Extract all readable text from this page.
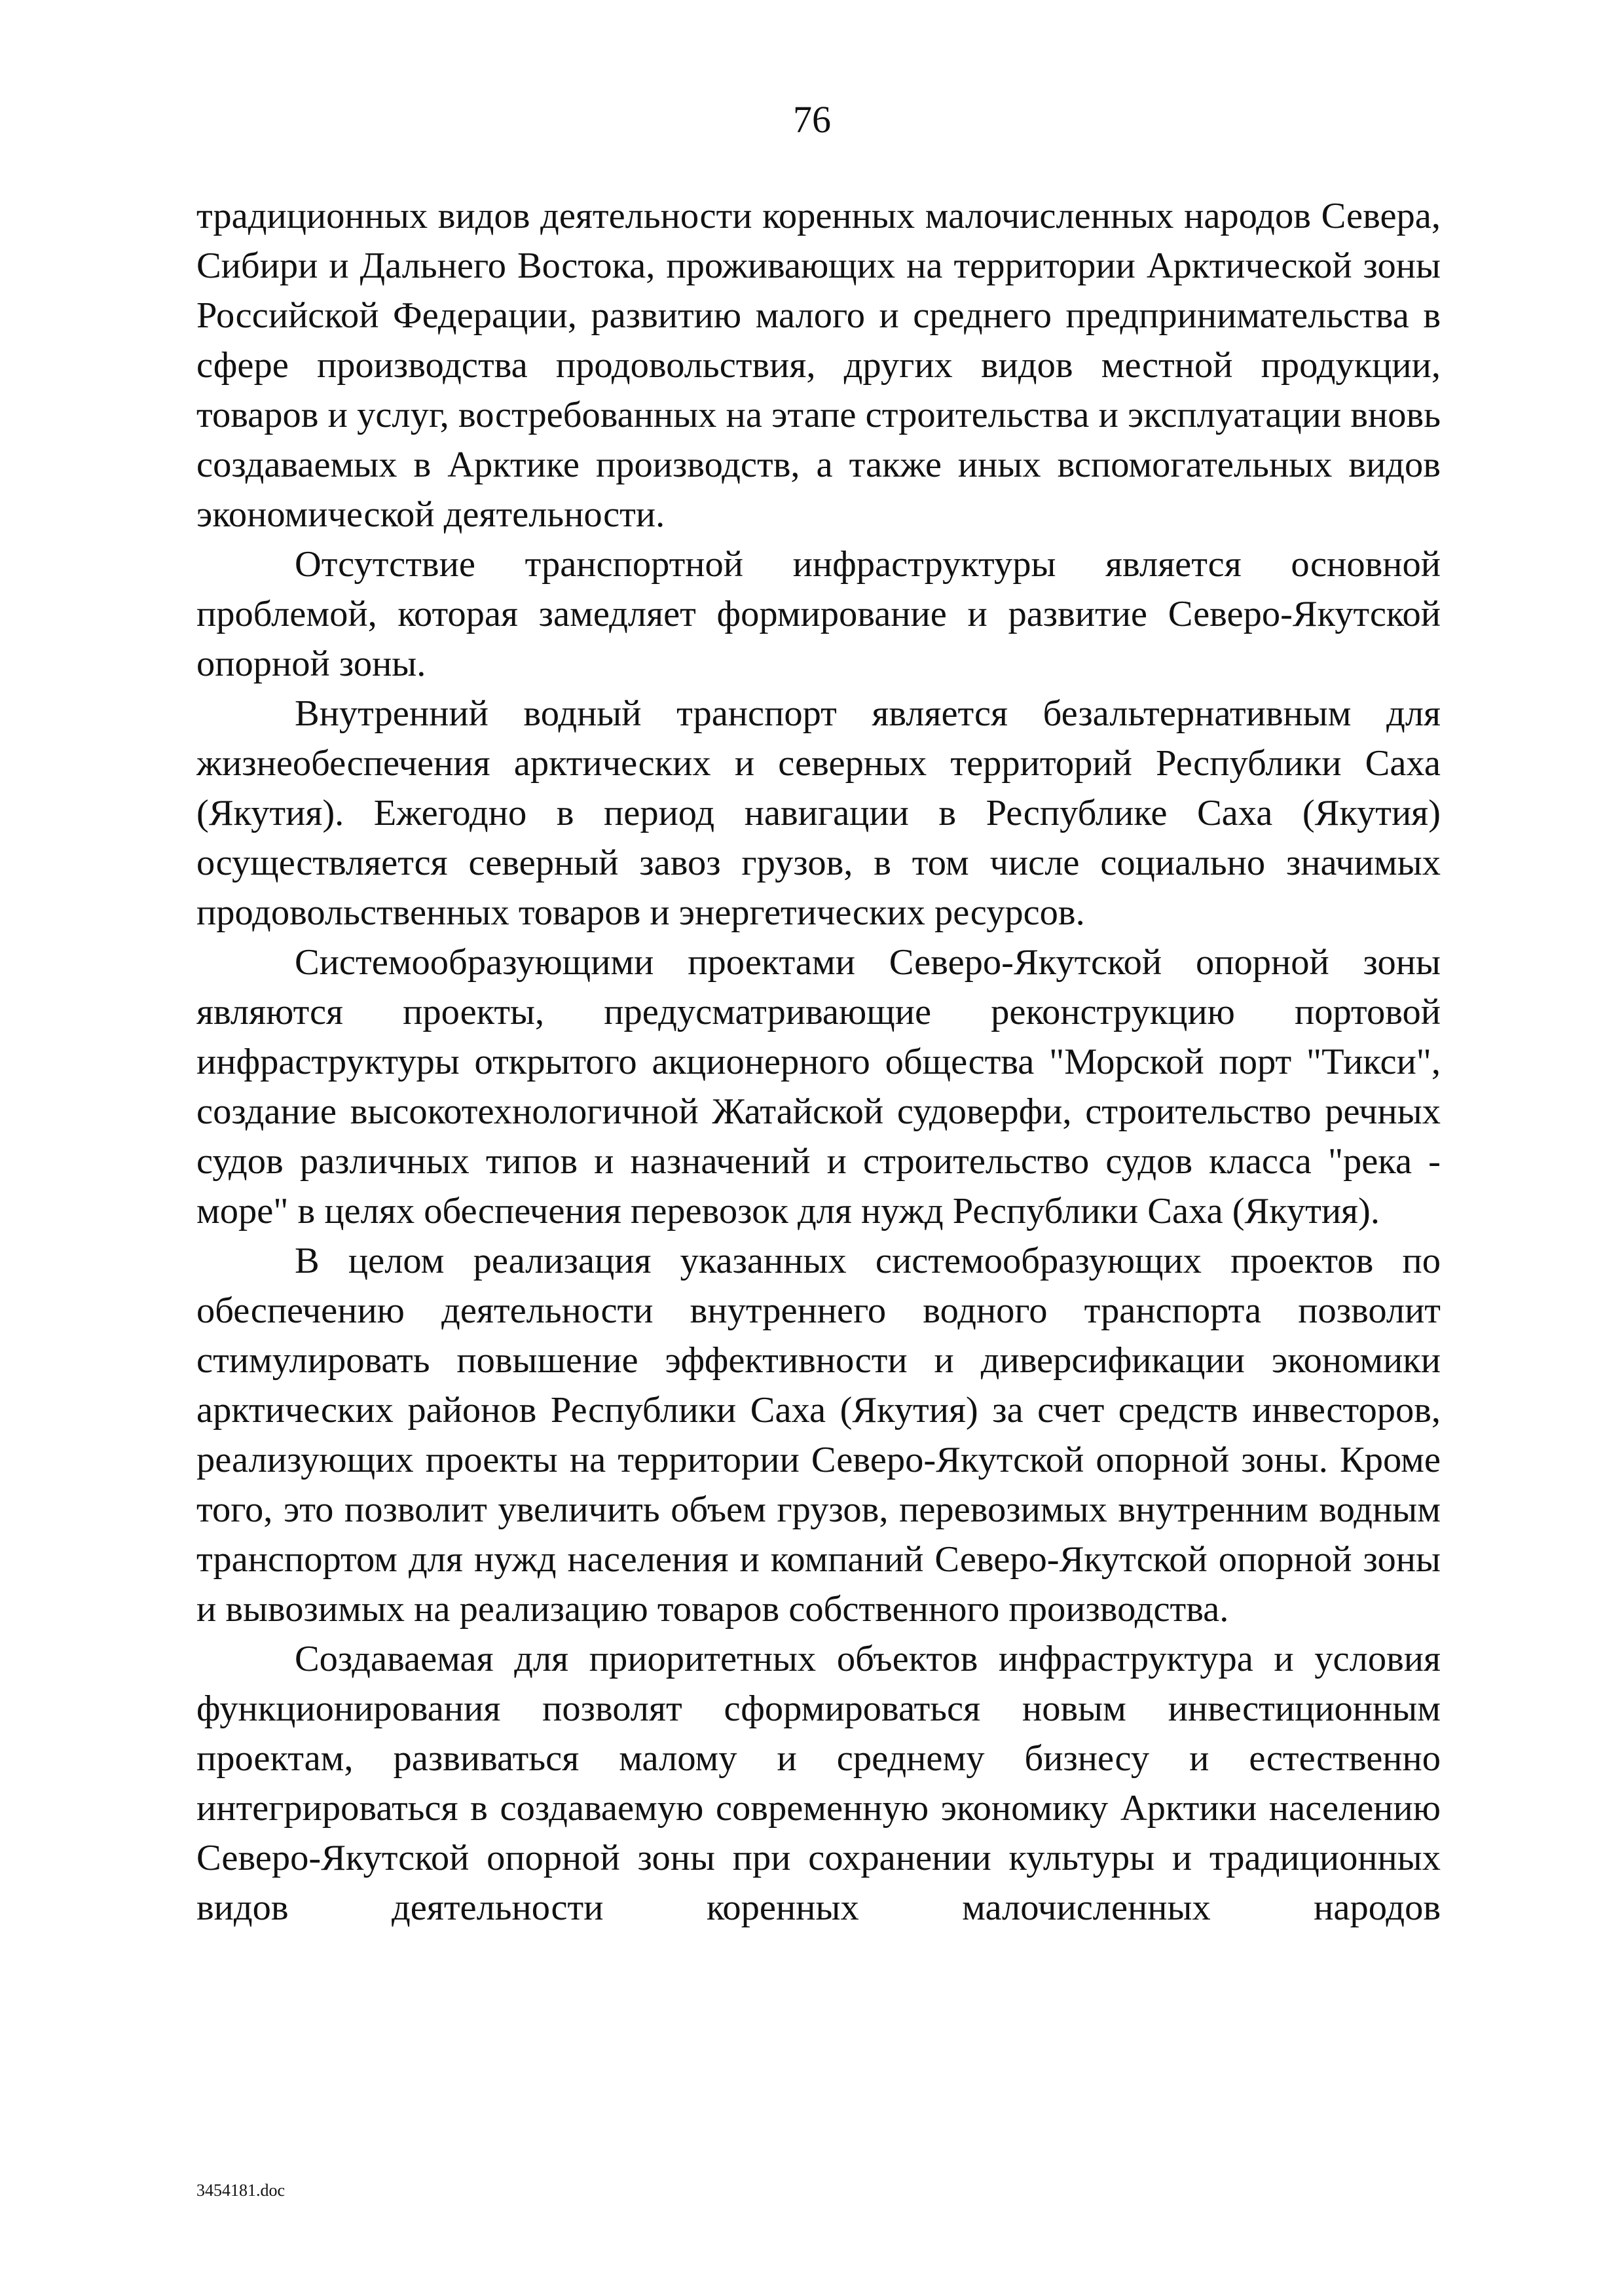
76

традиционных видов деятельности коренных малочисленных народов Севера, Сибири и Дальнего Востока, проживающих на территории Арктической зоны Российской Федерации, развитию малого и среднего предпринимательства в сфере производства продовольствия, других видов местной продукции, товаров и услуг, востребованных на этапе строительства и эксплуатации вновь создаваемых в Арктике производств, а также иных вспомогательных видов экономической деятельности.

Отсутствие транспортной инфраструктуры является основной проблемой, которая замедляет формирование и развитие Северо-Якутской опорной зоны.

Внутренний водный транспорт является безальтернативным для жизнеобеспечения арктических и северных территорий Республики Саха (Якутия). Ежегодно в период навигации в Республике Саха (Якутия) осуществляется северный завоз грузов, в том числе социально значимых продовольственных товаров и энергетических ресурсов.

Системообразующими проектами Северо-Якутской опорной зоны являются проекты, предусматривающие реконструкцию портовой инфраструктуры открытого акционерного общества "Морской порт "Тикси", создание высокотехнологичной Жатайской судоверфи, строительство речных судов различных типов и назначений и строительство судов класса "река - море" в целях обеспечения перевозок для нужд Республики Саха (Якутия).

В целом реализация указанных системообразующих проектов по обеспечению деятельности внутреннего водного транспорта позволит стимулировать повышение эффективности и диверсификации экономики арктических районов Республики Саха (Якутия) за счет средств инвесторов, реализующих проекты на территории Северо-Якутской опорной зоны. Кроме того, это позволит увеличить объем грузов, перевозимых внутренним водным транспортом для нужд населения и компаний Северо-Якутской опорной зоны и вывозимых на реализацию товаров собственного производства.

Создаваемая для приоритетных объектов инфраструктура и условия функционирования позволят сформироваться новым инвестиционным проектам, развиваться малому и среднему бизнесу и естественно интегрироваться в создаваемую современную экономику Арктики населению Северо-Якутской опорной зоны при сохранении культуры и традиционных видов деятельности коренных малочисленных народов

3454181.doc
